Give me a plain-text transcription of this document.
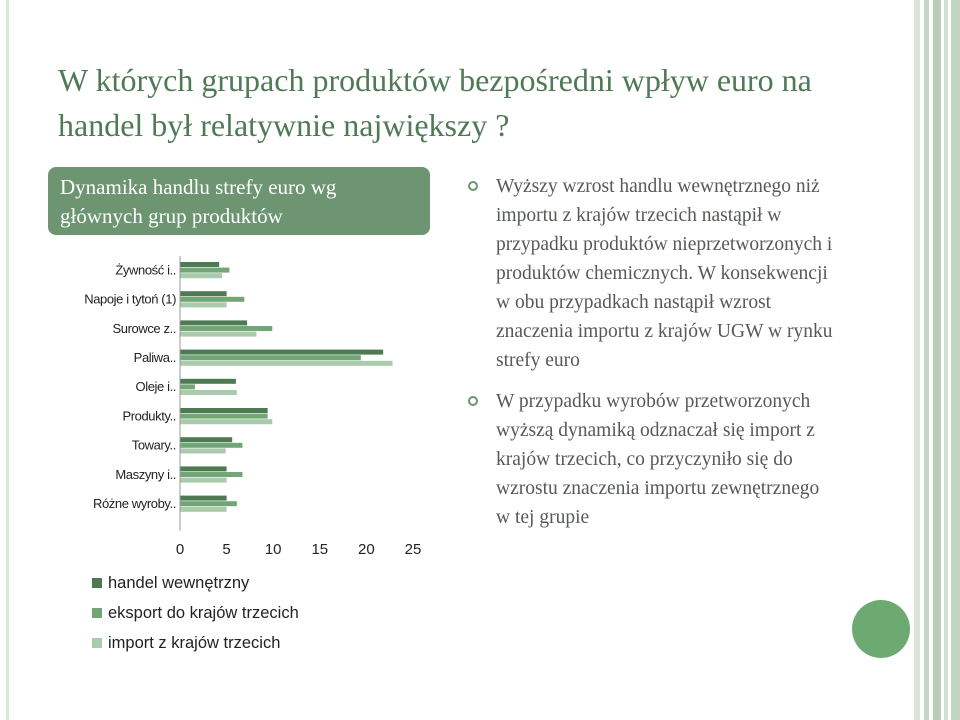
W których grupach produktów bezpośredni wpływ euro na handel był relatywnie największy ?
Dynamika handlu strefy euro wg głównych grup produktów
Wyższy wzrost handlu wewnętrznego niż importu z krajów trzecich nastąpił w przypadku produktów nieprzetworzonych i produktów chemicznych. W konsekwencji w obu przypadkach nastąpił wzrost znaczenia importu z krajów UGW w rynku strefy euro
W przypadku wyrobów przetworzonych wyższą dynamiką odznaczał się import z krajów trzecich, co przyczyniło się do wzrostu znaczenia importu zewnętrznego w tej grupie
Żywność i..
Napoje i tytoń (1)
Surowce z..
Paliwa..
Oleje i..
Produkty..
Towary..
Maszyny i..
Różne wyroby..
0	5 10 15 20 25
handel wewnętrzny
eksport do krajów trzecich
import z krajów trzecich
